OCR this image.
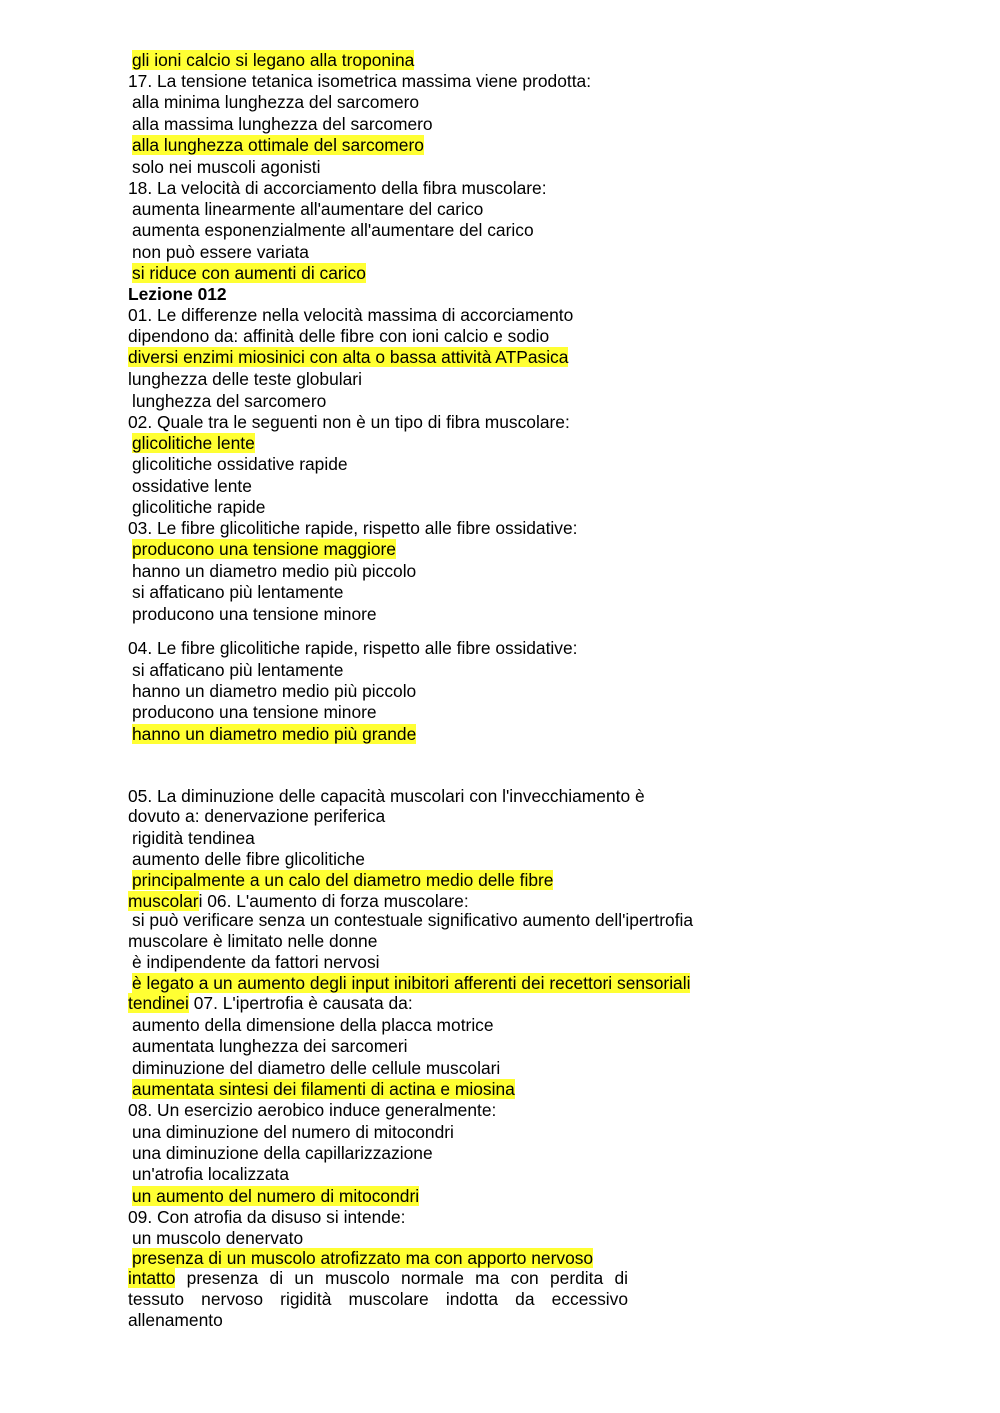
gli ioni calcio si legano alla troponina
17. La tensione tetanica isometrica massima viene prodotta:
alla minima lunghezza del sarcomero
alla massima lunghezza del sarcomero
alla lunghezza ottimale del sarcomero
solo nei muscoli agonisti
18. La velocità di accorciamento della fibra muscolare:
aumenta linearmente all'aumentare del carico
aumenta esponenzialmente all'aumentare del carico
non può essere variata
si riduce con aumenti di carico
Lezione 012
01. Le differenze nella velocità massima di accorciamento
dipendono da: affinità delle fibre con ioni calcio e sodio
diversi enzimi miosinici con alta o bassa attività ATPasica
lunghezza delle teste globulari
lunghezza del sarcomero
02. Quale tra le seguenti non è un tipo di fibra muscolare:
glicolitiche lente
glicolitiche ossidative rapide
ossidative lente
glicolitiche rapide
03. Le fibre glicolitiche rapide, rispetto alle fibre ossidative:
producono una tensione maggiore
hanno un diametro medio più piccolo
si affaticano più lentamente
producono una tensione minore
04. Le fibre glicolitiche rapide, rispetto alle fibre ossidative:
si affaticano più lentamente
hanno un diametro medio più piccolo
producono una tensione minore
hanno un diametro medio più grande
05. La diminuzione delle capacità muscolari con l'invecchiamento è
dovuto a: denervazione periferica
rigidità tendinea
aumento delle fibre glicolitiche
principalmente a un calo del diametro medio delle fibre
muscolari 06. L'aumento di forza muscolare:
si può verificare senza un contestuale significativo aumento dell'ipertrofia
muscolare è limitato nelle donne
è indipendente da fattori nervosi
è legato a un aumento degli input inibitori afferenti dei recettori sensoriali
tendinei 07. L'ipertrofia è causata da:
aumento della dimensione della placca motrice
aumentata lunghezza dei sarcomeri
diminuzione del diametro delle cellule muscolari
aumentata sintesi dei filamenti di actina e miosina
08. Un esercizio aerobico induce generalmente:
una diminuzione del numero di mitocondri
una diminuzione della capillarizzazione
un'atrofia localizzata
un aumento del numero di mitocondri
09. Con atrofia da disuso si intende:
un muscolo denervato
presenza di un muscolo atrofizzato ma con apporto nervoso
intatto presenza di un muscolo normale ma con perdita di
tessuto nervoso rigidità muscolare indotta da eccessivo
allenamento
